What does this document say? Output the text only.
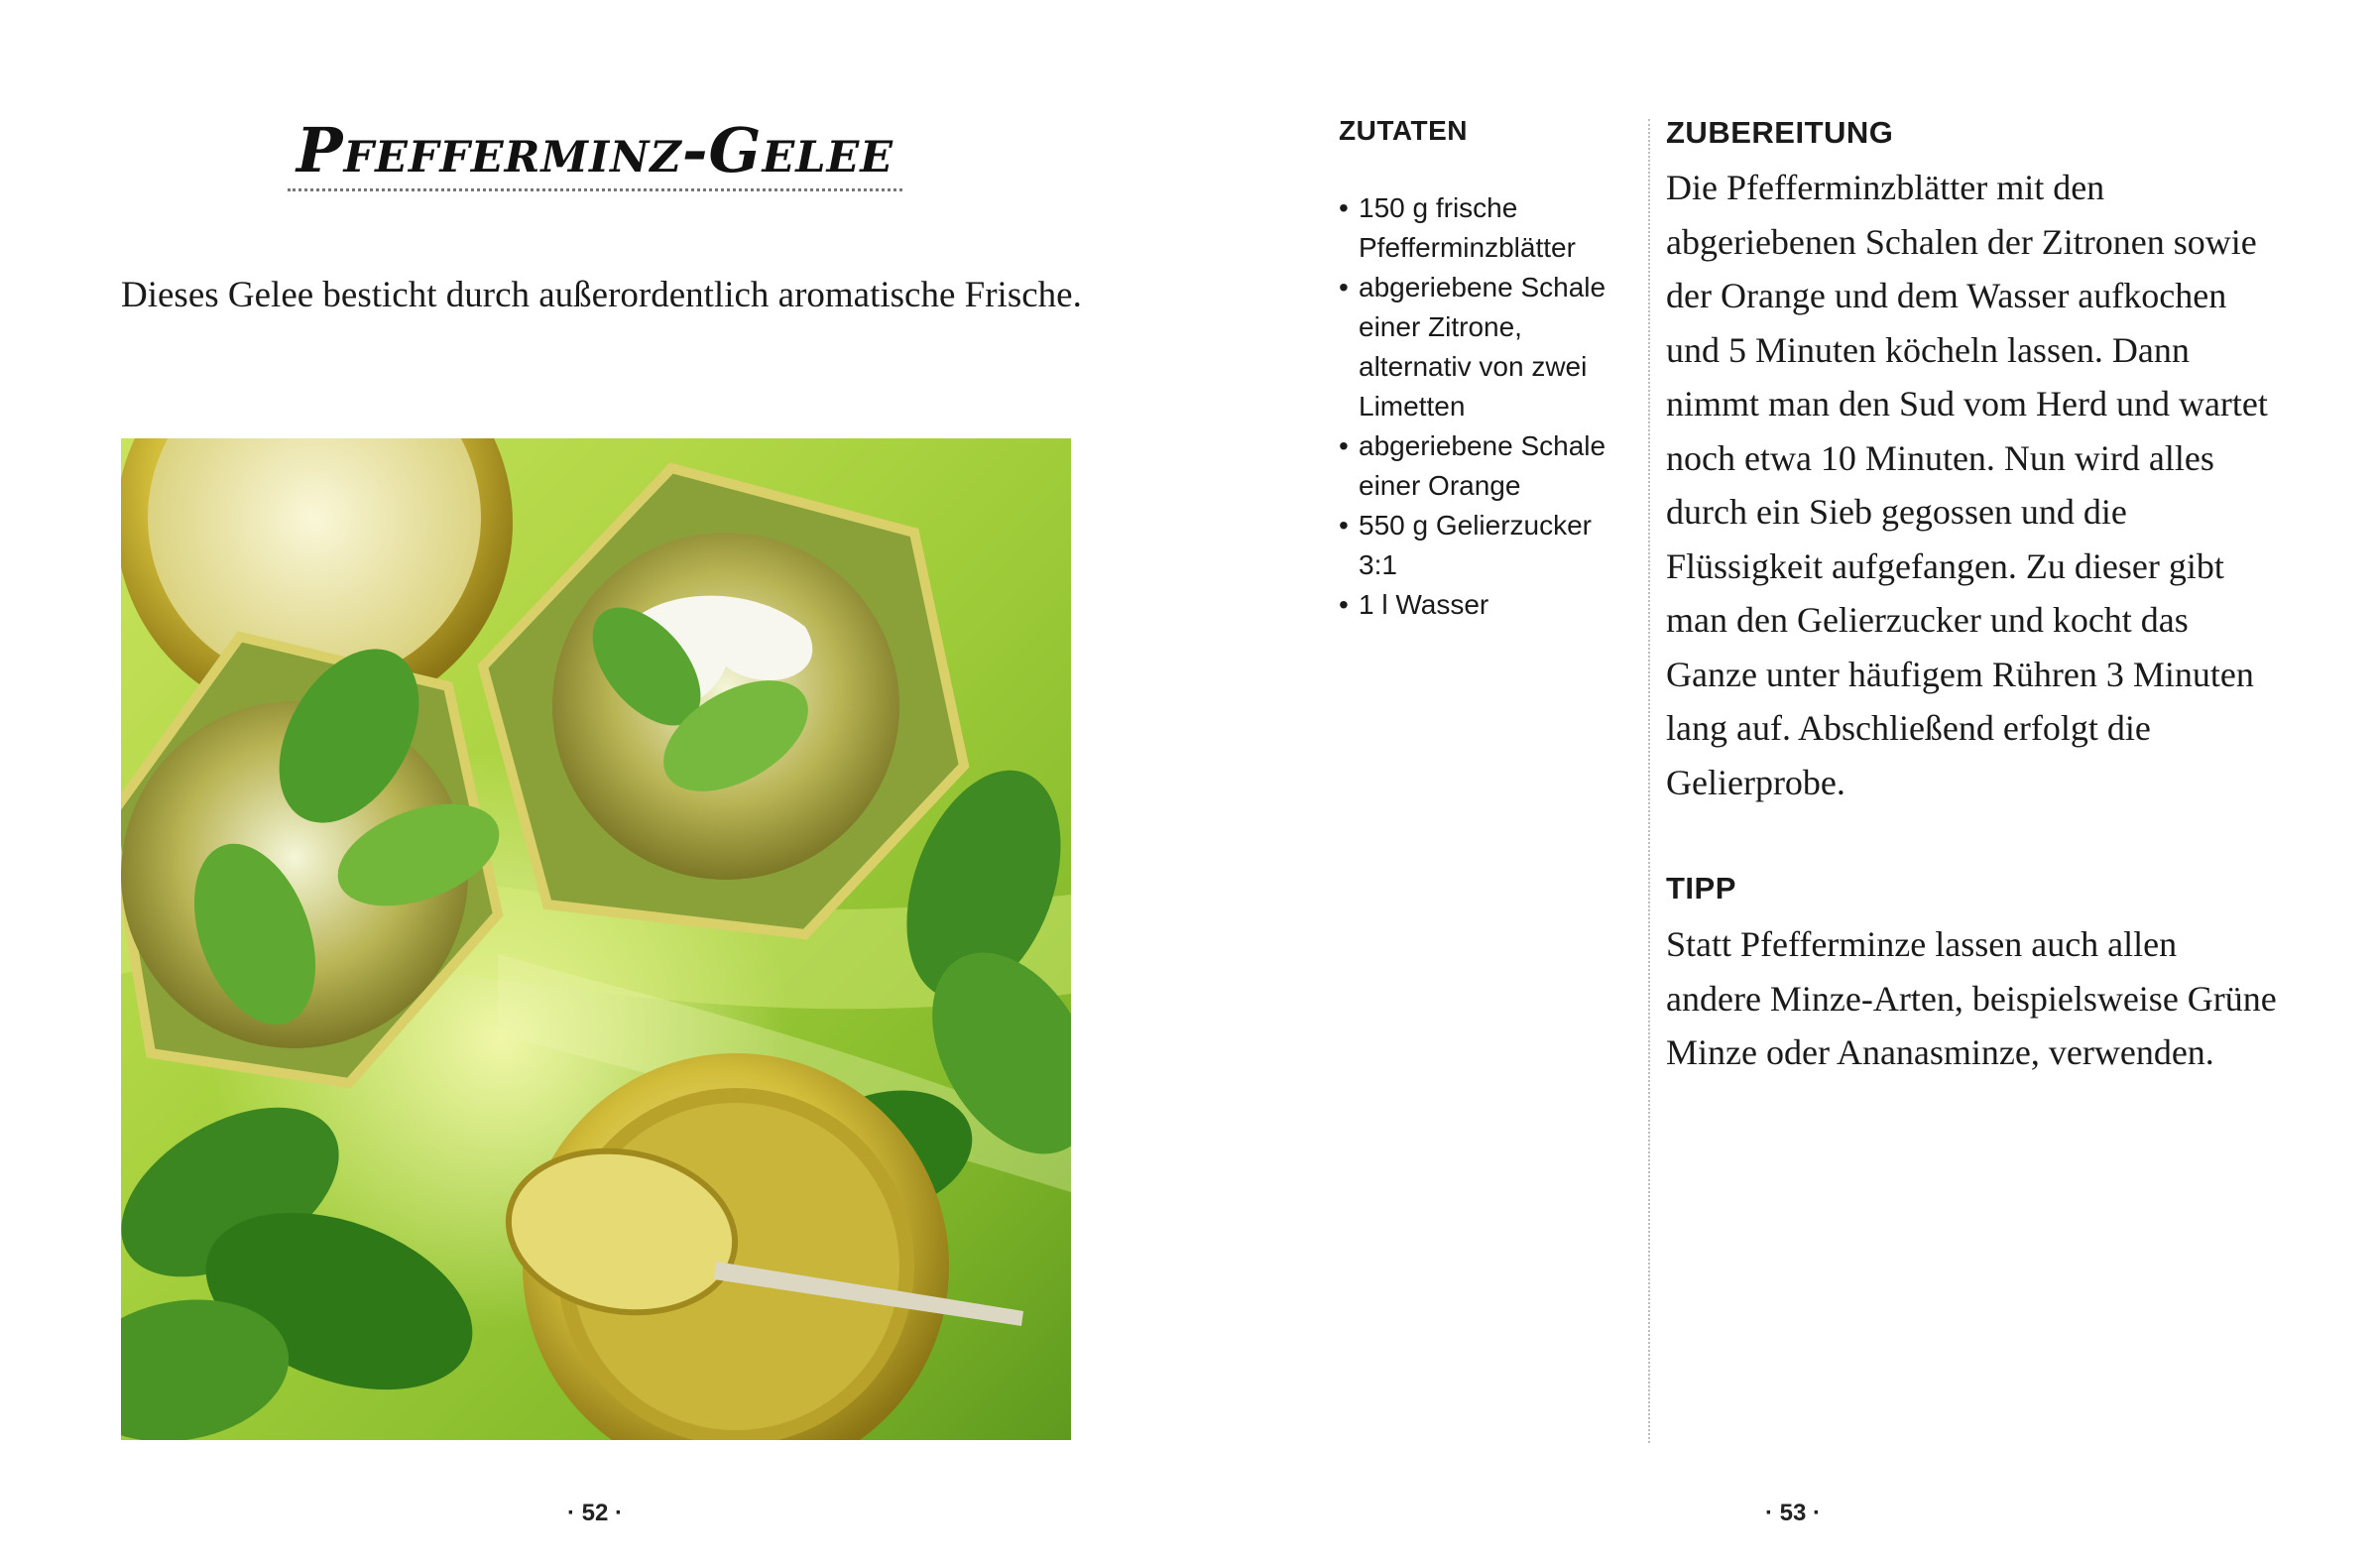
Pfefferminz-Gelee
Dieses Gelee besticht durch außerordentlich aromatische Frische.
· 52 ·
ZUTATEN
• 150 g frische Pfefferminzblätter
• abgeriebene Schale einer Zitrone, alternativ von zwei Limetten
• abgeriebene Schale einer Orange
• 550 g Gelierzucker 3:1
• 1 l Wasser
ZUBEREITUNG
Die Pfefferminzblätter mit den abgeriebenen Schalen der Zitronen sowie der Orange und dem Wasser aufkochen und 5 Minuten köcheln lassen. Dann nimmt man den Sud vom Herd und wartet noch etwa 10 Minuten. Nun wird alles durch ein Sieb gegossen und die Flüssigkeit aufgefangen. Zu dieser gibt man den Gelierzucker und kocht das Ganze unter häufigem Rühren 3 Minuten lang auf. Abschließend erfolgt die Gelierprobe.
TIPP
Statt Pfefferminze lassen auch allen andere Minze-Arten, beispielsweise Grüne Minze oder Ananasminze, verwenden.
· 53 ·
